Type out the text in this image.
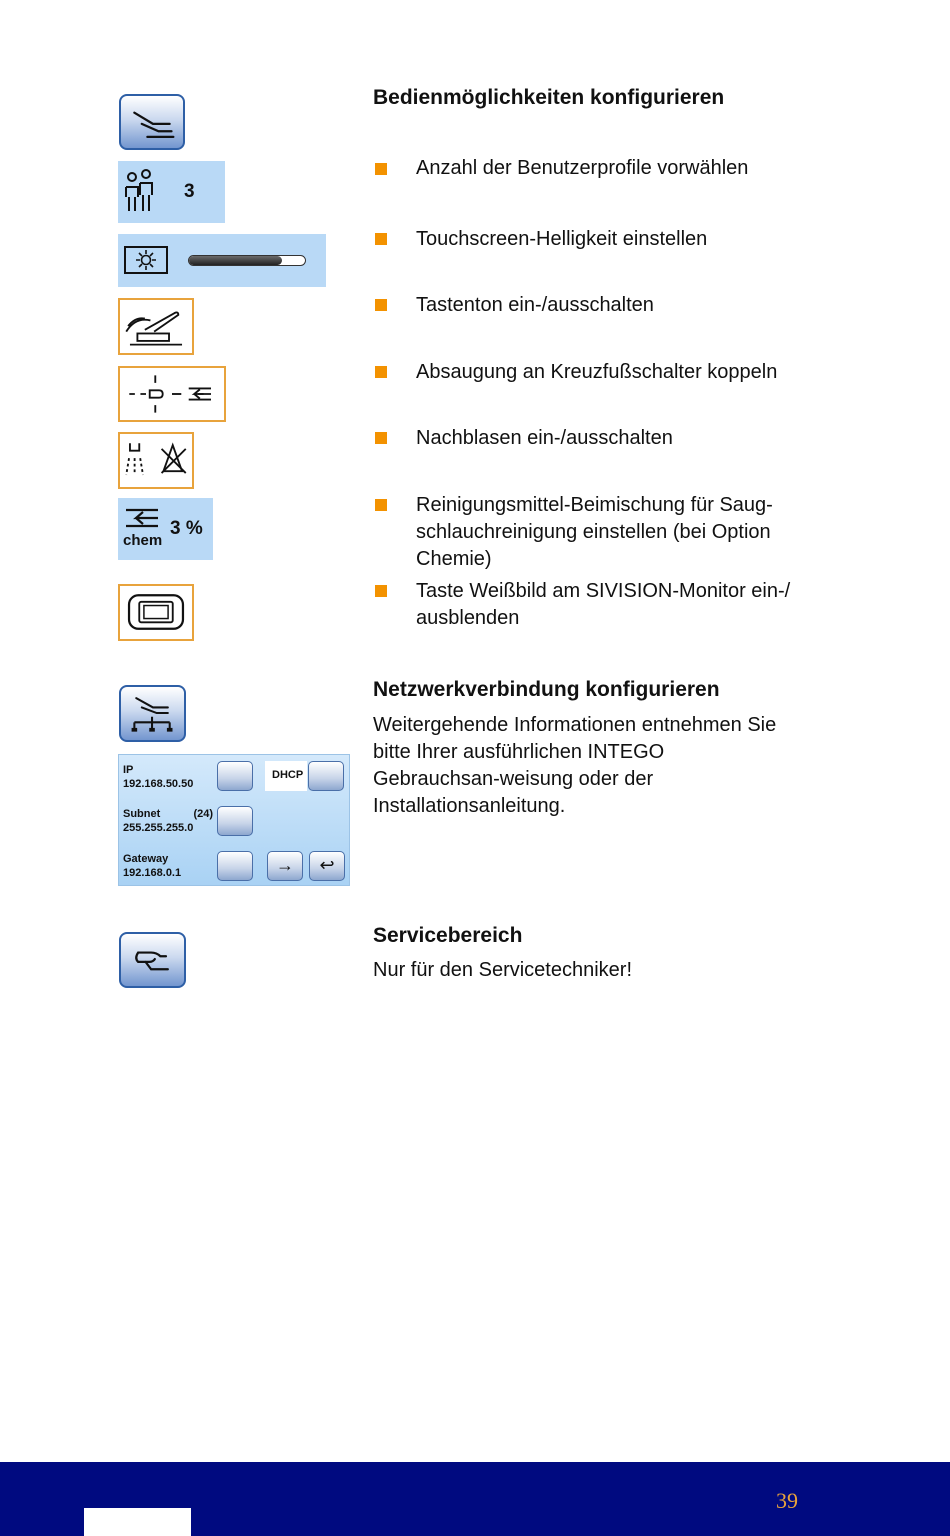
3
chem
3 %
IP
192.168.50.50
DHCP
Subnet	(24)
255.255.255.0
Gateway
192.168.0.1	→	↩
Bedienmöglichkeiten konfigurieren
Anzahl der Benutzerprofile vorwählen
Touchscreen-Helligkeit einstellen
Tastenton ein-/ausschalten
Absaugung an Kreuzfußschalter koppeln
Nachblasen ein-/ausschalten
Reinigungsmittel-Beimischung für Saug-schlauchreinigung einstellen (bei Option Chemie)
Taste Weißbild am SIVISION-Monitor ein-/ ausblenden
Netzwerkverbindung konfigurieren
Weitergehende Informationen entnehmen Sie bitte Ihrer ausführlichen INTEGO Gebrauchsan-weisung oder der Installationsanleitung.
Servicebereich
Nur für den Servicetechniker!
39
